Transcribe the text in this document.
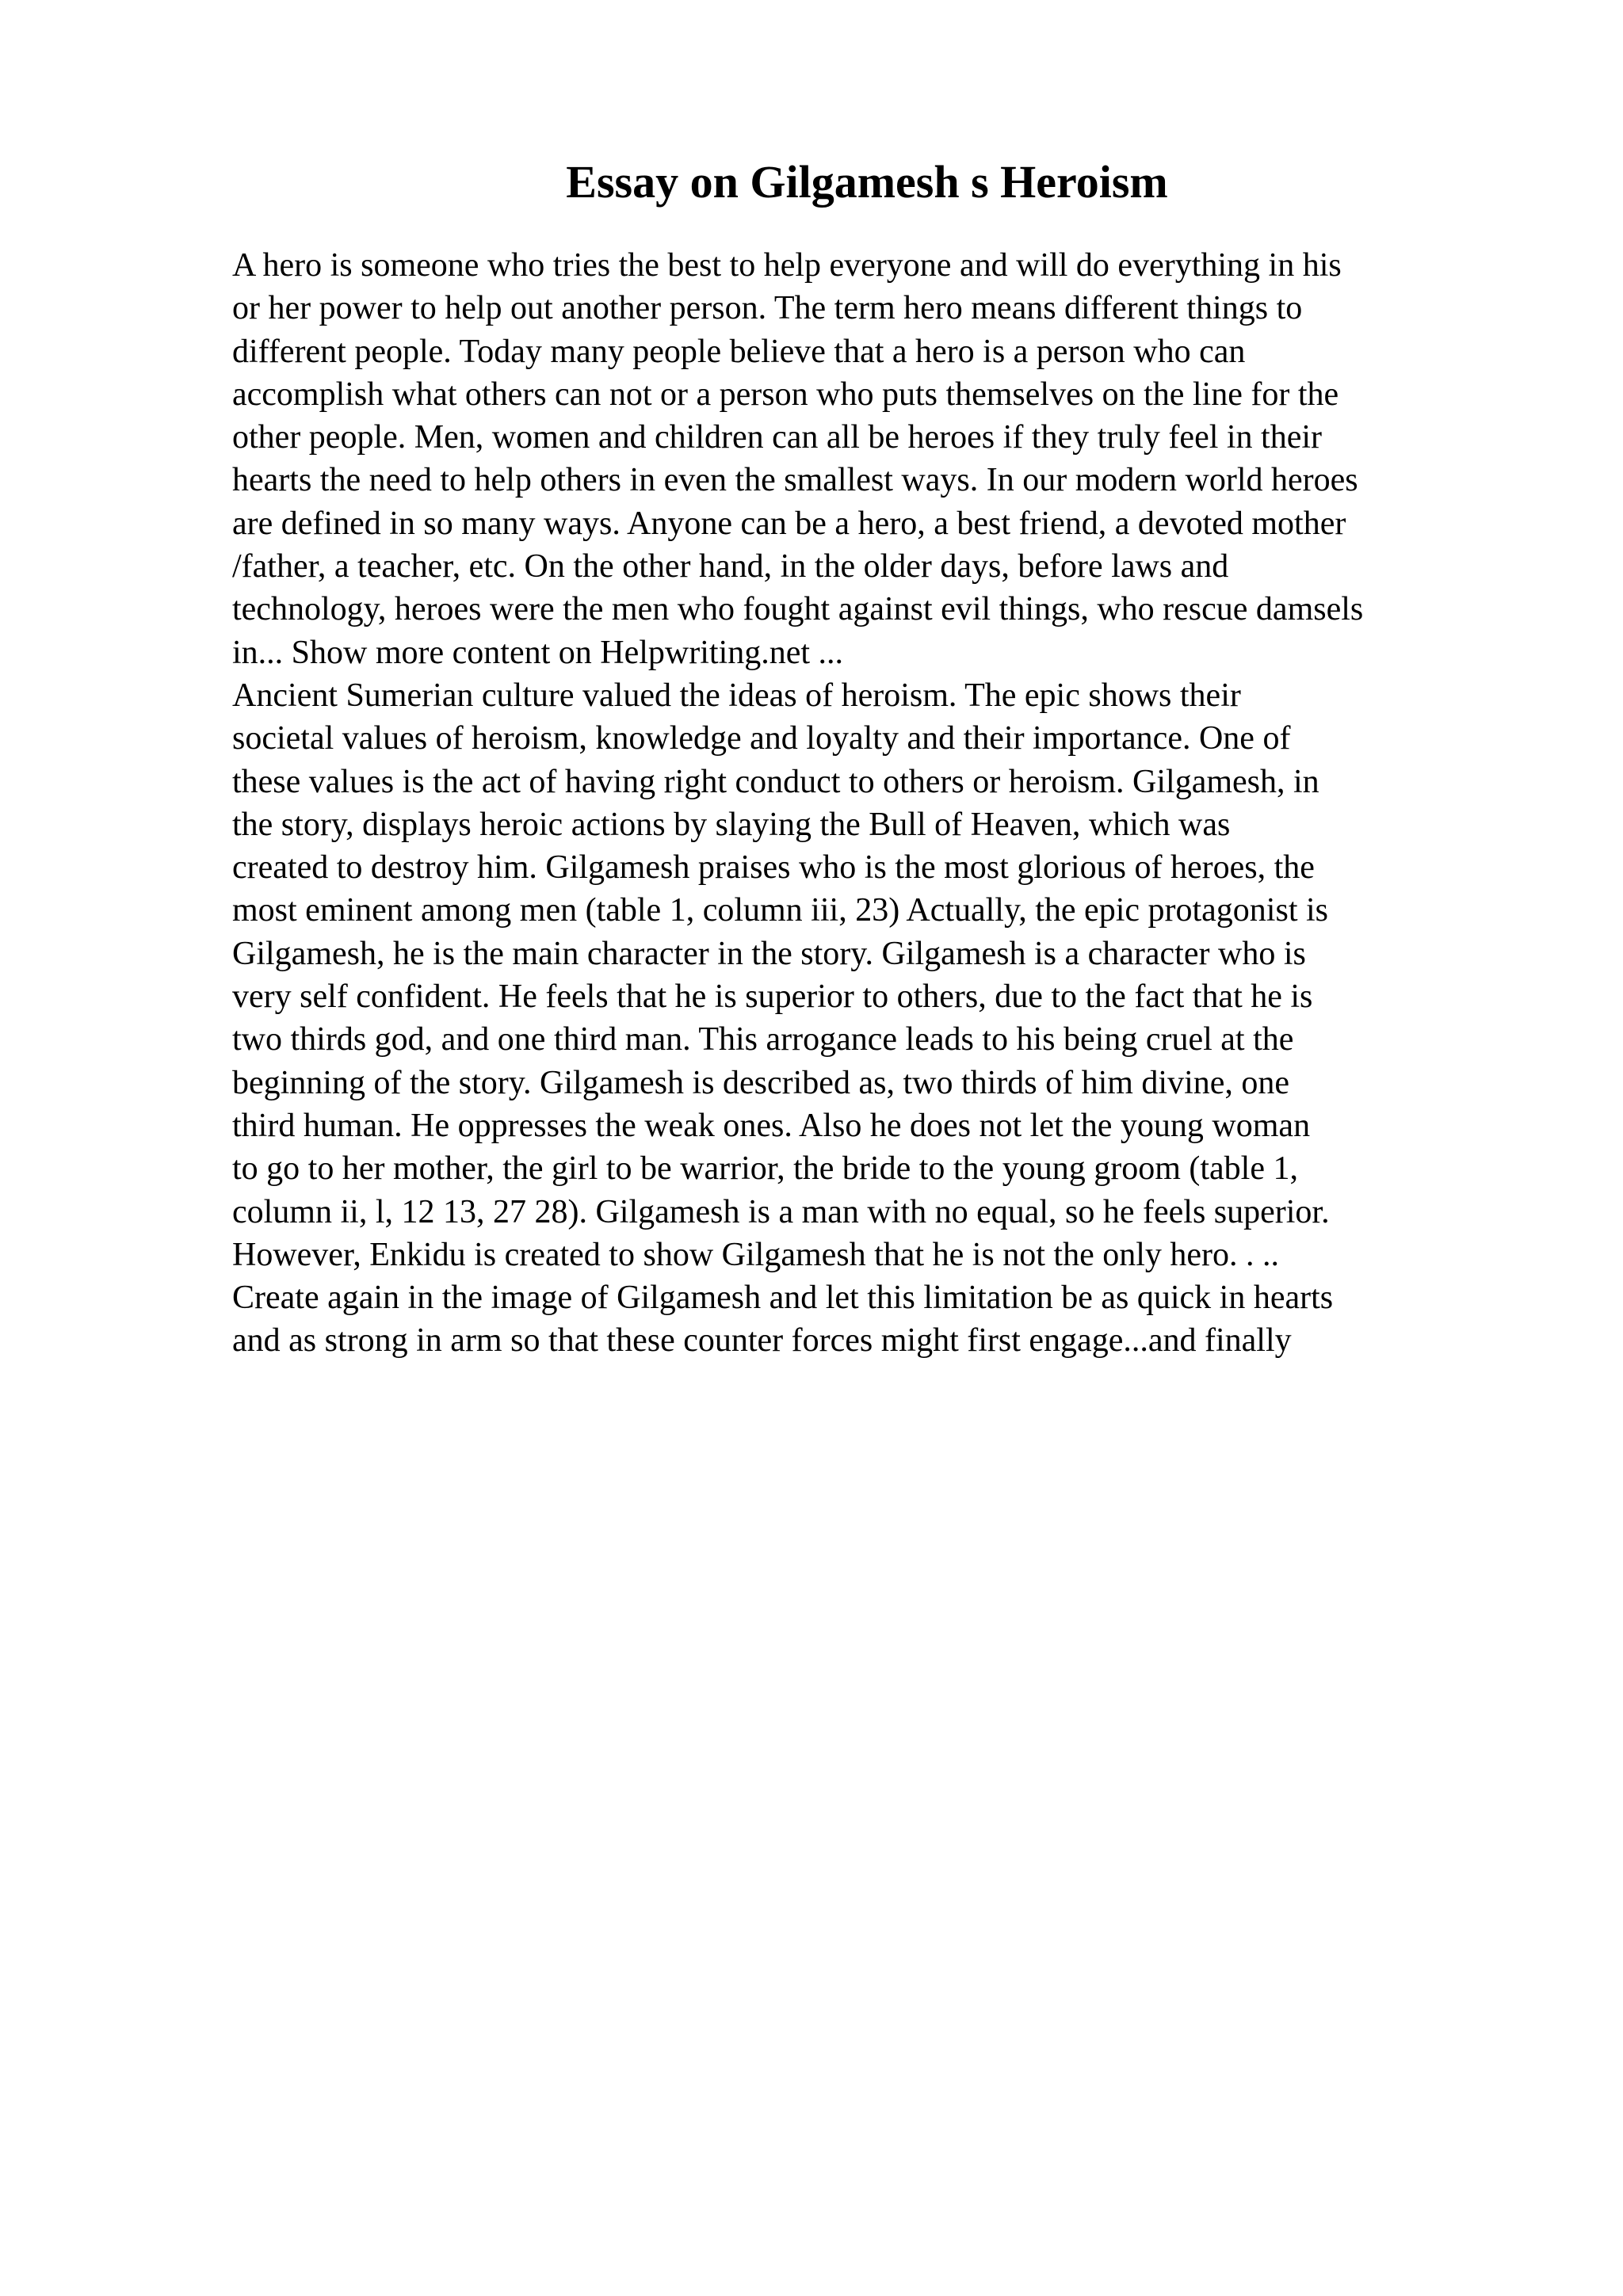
Essay on Gilgamesh s Heroism
A hero is someone who tries the best to help everyone and will do everything in his
or her power to help out another person. The term hero means different things to
different people. Today many people believe that a hero is a person who can
accomplish what others can not or a person who puts themselves on the line for the
other people. Men, women and children can all be heroes if they truly feel in their
hearts the need to help others in even the smallest ways. In our modern world heroes
are defined in so many ways. Anyone can be a hero, a best friend, a devoted mother
/father, a teacher, etc. On the other hand, in the older days, before laws and
technology, heroes were the men who fought against evil things, who rescue damsels
in... Show more content on Helpwriting.net ...
Ancient Sumerian culture valued the ideas of heroism. The epic shows their
societal values of heroism, knowledge and loyalty and their importance. One of
these values is the act of having right conduct to others or heroism. Gilgamesh, in
the story, displays heroic actions by slaying the Bull of Heaven, which was
created to destroy him. Gilgamesh praises who is the most glorious of heroes, the
most eminent among men (table 1, column iii, 23) Actually, the epic protagonist is
Gilgamesh, he is the main character in the story. Gilgamesh is a character who is
very self confident. He feels that he is superior to others, due to the fact that he is
two thirds god, and one third man. This arrogance leads to his being cruel at the
beginning of the story. Gilgamesh is described as, two thirds of him divine, one
third human. He oppresses the weak ones. Also he does not let the young woman
to go to her mother, the girl to be warrior, the bride to the young groom (table 1,
column ii, l, 12 13, 27 28). Gilgamesh is a man with no equal, so he feels superior.
However, Enkidu is created to show Gilgamesh that he is not the only hero. . ..
Create again in the image of Gilgamesh and let this limitation be as quick in hearts
and as strong in arm so that these counter forces might first engage...and finally
